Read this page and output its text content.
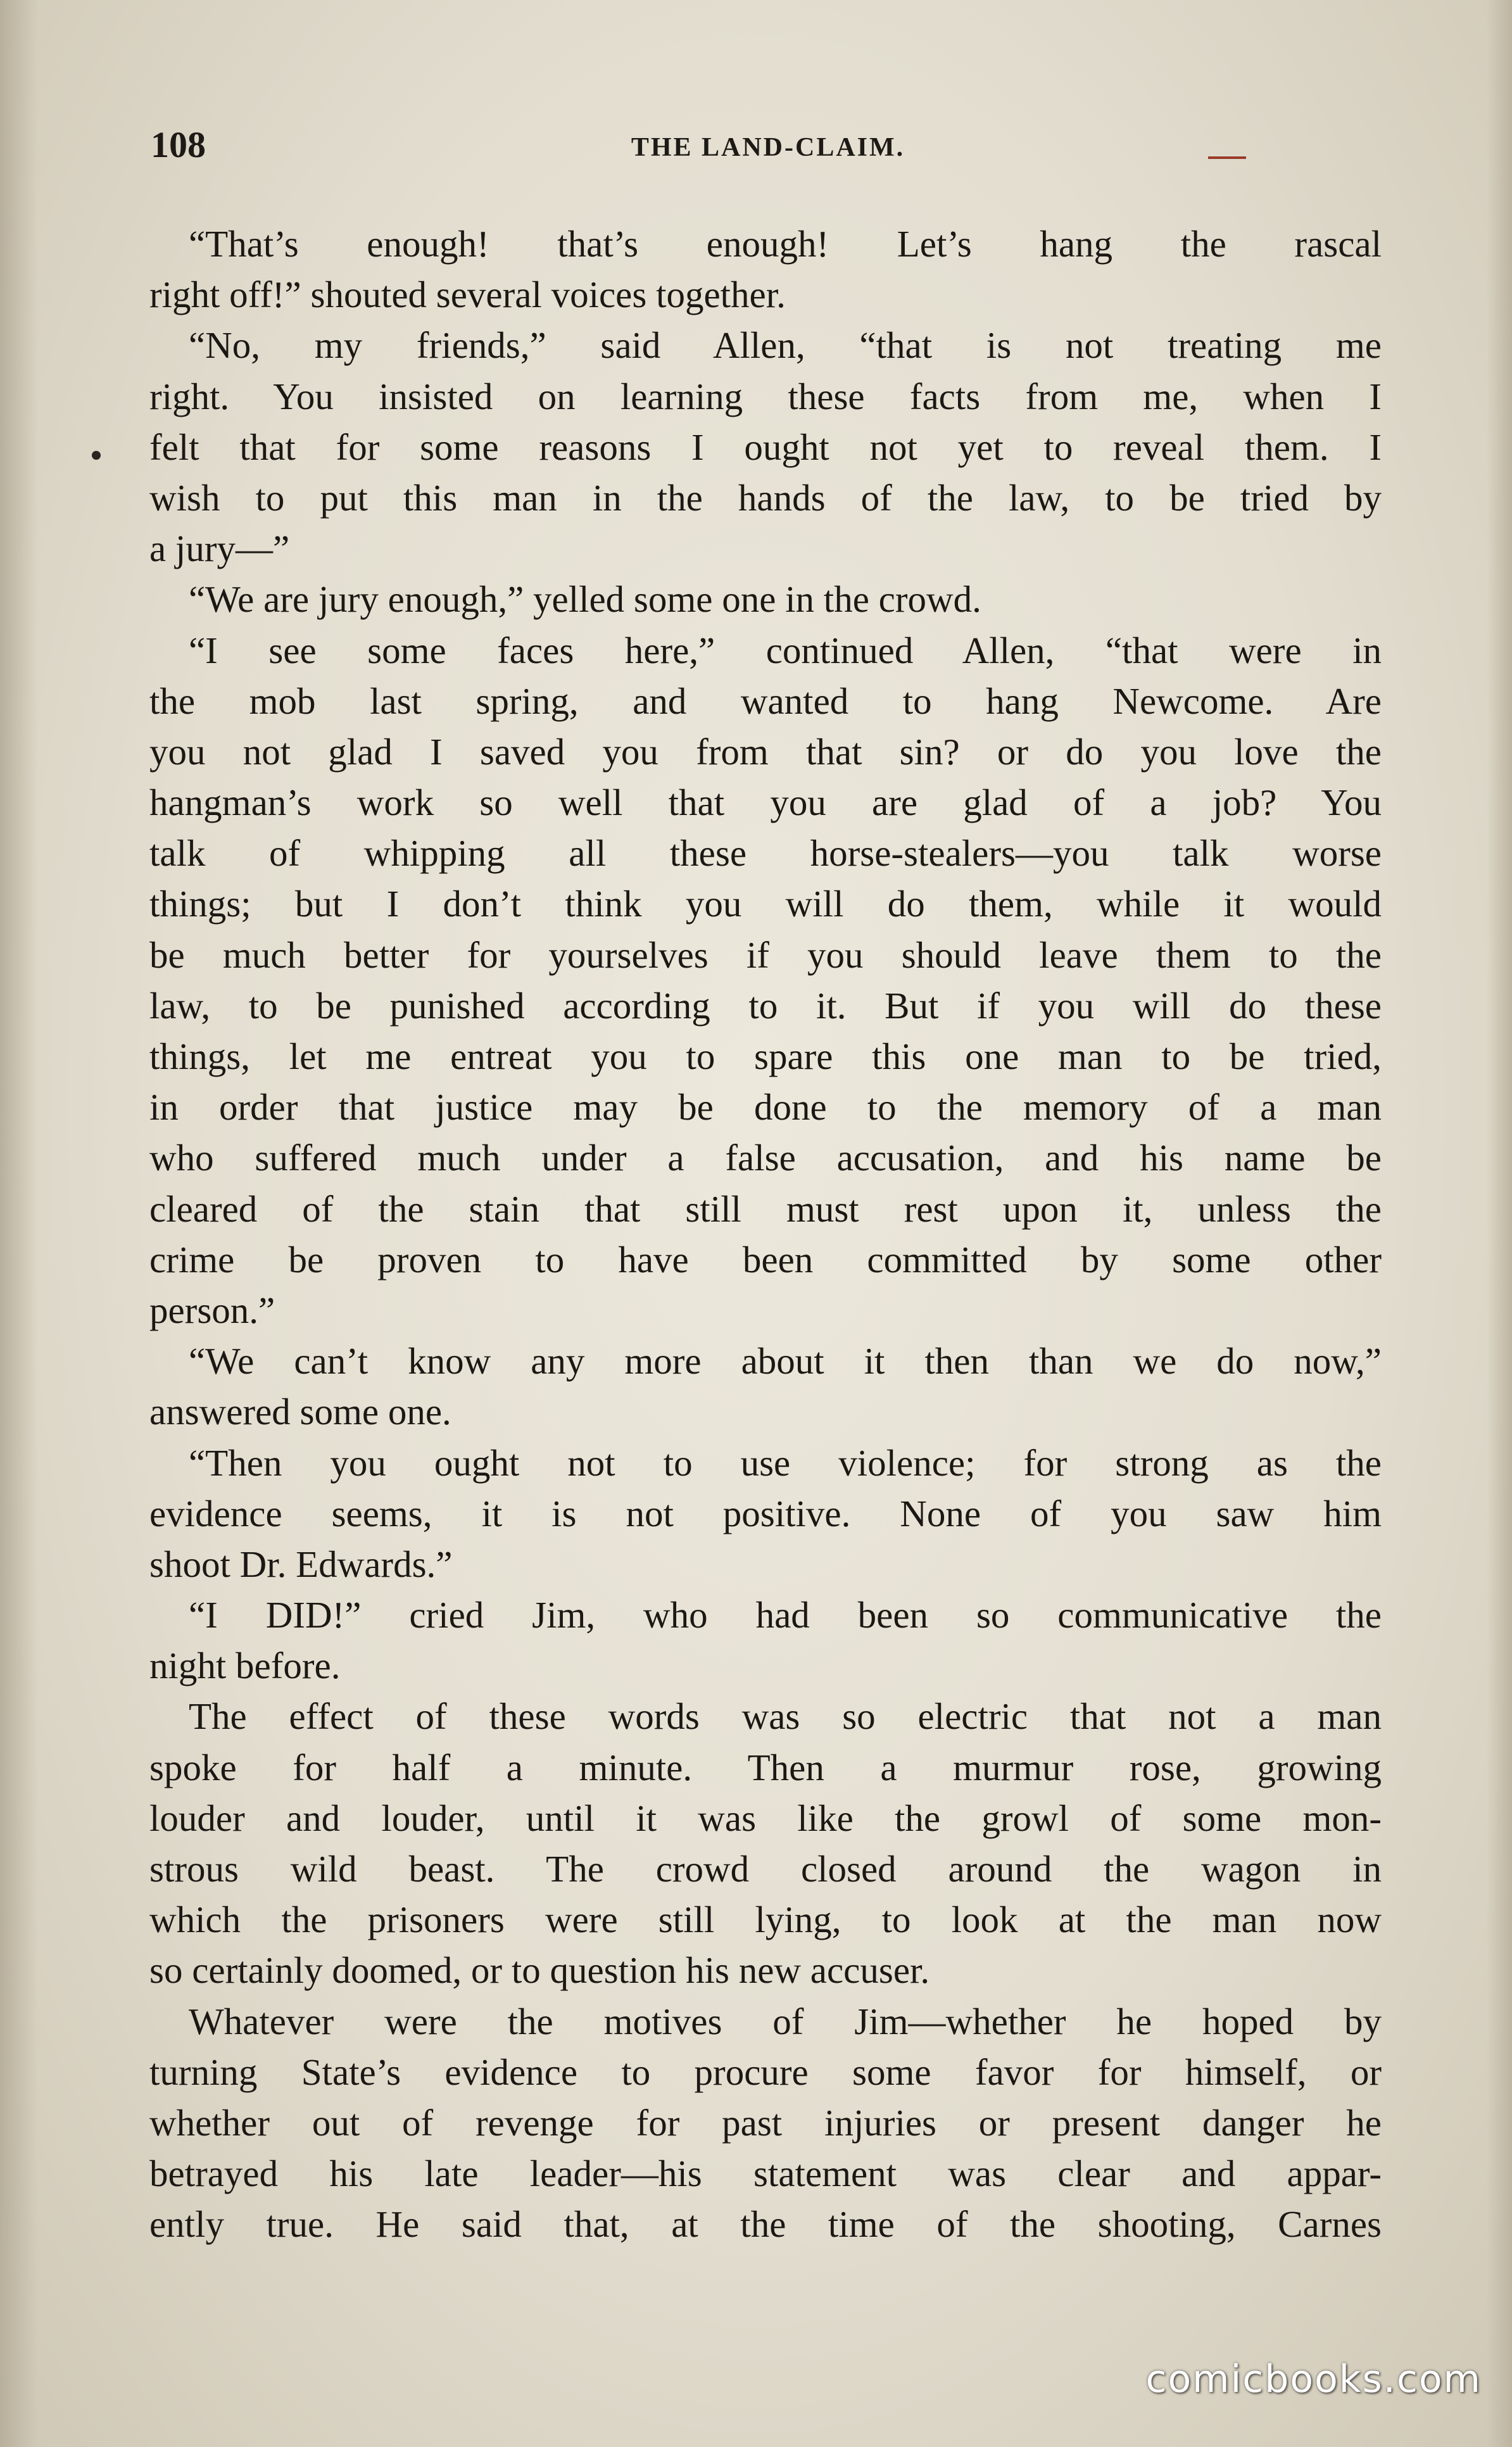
108	THE LAND-CLAIM.
“That’s enough! that’s enough! Let’s hang the rascal
right off!” shouted several voices together.
“No, my friends,” said Allen, “that is not treating me
right. You insisted on learning these facts from me, when I
felt that for some reasons I ought not yet to reveal them. I
wish to put this man in the hands of the law, to be tried by
a jury—”
“We are jury enough,” yelled some one in the crowd.
“I see some faces here,” continued Allen, “that were in
the mob last spring, and wanted to hang Newcome. Are
you not glad I saved you from that sin? or do you love the
hangman’s work so well that you are glad of a job? You
talk of whipping all these horse-stealers—you talk worse
things; but I don’t think you will do them, while it would
be much better for yourselves if you should leave them to the
law, to be punished according to it. But if you will do these
things, let me entreat you to spare this one man to be tried,
in order that justice may be done to the memory of a man
who suffered much under a false accusation, and his name be
cleared of the stain that still must rest upon it, unless the
crime be proven to have been committed by some other
person.”
“We can’t know any more about it then than we do now,”
answered some one.
“Then you ought not to use violence; for strong as the
evidence seems, it is not positive. None of you saw him
shoot Dr. Edwards.”
“I DID!” cried Jim, who had been so communicative the
night before.
The effect of these words was so electric that not a man
spoke for half a minute. Then a murmur rose, growing
louder and louder, until it was like the growl of some mon-
strous wild beast. The crowd closed around the wagon in
which the prisoners were still lying, to look at the man now
so certainly doomed, or to question his new accuser.
Whatever were the motives of Jim—whether he hoped by
turning State’s evidence to procure some favor for himself, or
whether out of revenge for past injuries or present danger he
betrayed his late leader—his statement was clear and appar-
ently true. He said that, at the time of the shooting, Carnes
comicbooks.com
